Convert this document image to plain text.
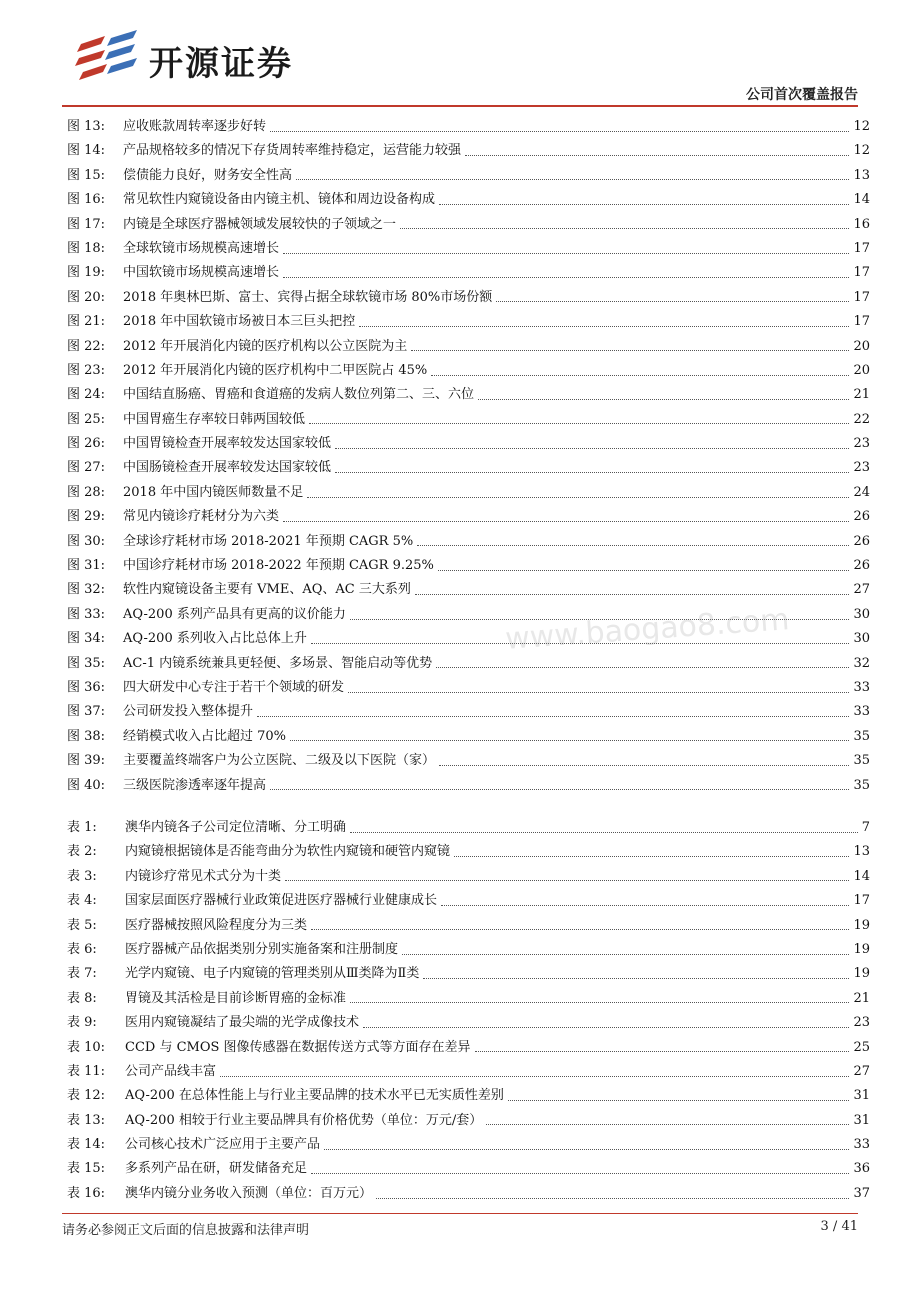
开源证券
公司首次覆盖报告
图 13:	应收账款周转率逐步好转	12
图 14:	产品规格较多的情况下存货周转率维持稳定，运营能力较强	12
图 15:	偿债能力良好，财务安全性高	13
图 16:	常见软性内窥镜设备由内镜主机、镜体和周边设备构成	14
图 17:	内镜是全球医疗器械领域发展较快的子领域之一	16
图 18:	全球软镜市场规模高速增长	17
图 19:	中国软镜市场规模高速增长	17
图 20:	2018 年奥林巴斯、富士、宾得占据全球软镜市场 80%市场份额	17
图 21:	2018 年中国软镜市场被日本三巨头把控	17
图 22:	2012 年开展消化内镜的医疗机构以公立医院为主	20
图 23:	2012 年开展消化内镜的医疗机构中二甲医院占 45%	20
图 24:	中国结直肠癌、胃癌和食道癌的发病人数位列第二、三、六位	21
图 25:	中国胃癌生存率较日韩两国较低	22
图 26:	中国胃镜检查开展率较发达国家较低	23
图 27:	中国肠镜检查开展率较发达国家较低	23
图 28:	2018 年中国内镜医师数量不足	24
图 29:	常见内镜诊疗耗材分为六类	26
图 30:	全球诊疗耗材市场 2018-2021 年预期 CAGR 5%	26
图 31:	中国诊疗耗材市场 2018-2022 年预期 CAGR 9.25%	26
图 32:	软性内窥镜设备主要有 VME、AQ、AC 三大系列	27
图 33:	AQ-200 系列产品具有更高的议价能力	30
图 34:	AQ-200 系列收入占比总体上升	30
图 35:	AC-1 内镜系统兼具更轻便、多场景、智能启动等优势	32
图 36:	四大研发中心专注于若干个领域的研发	33
图 37:	公司研发投入整体提升	33
图 38:	经销模式收入占比超过 70%	35
图 39:	主要覆盖终端客户为公立医院、二级及以下医院（家）	35
图 40:	三级医院渗透率逐年提高	35
表 1:	澳华内镜各子公司定位清晰、分工明确	7
表 2:	内窥镜根据镜体是否能弯曲分为软性内窥镜和硬管内窥镜	13
表 3:	内镜诊疗常见术式分为十类	14
表 4:	国家层面医疗器械行业政策促进医疗器械行业健康成长	17
表 5:	医疗器械按照风险程度分为三类	19
表 6:	医疗器械产品依据类别分别实施备案和注册制度	19
表 7:	光学内窥镜、电子内窥镜的管理类别从Ⅲ类降为Ⅱ类	19
表 8:	胃镜及其活检是目前诊断胃癌的金标准	21
表 9:	医用内窥镜凝结了最尖端的光学成像技术	23
表 10:	CCD 与 CMOS 图像传感器在数据传送方式等方面存在差异	25
表 11:	公司产品线丰富	27
表 12:	AQ-200 在总体性能上与行业主要品牌的技术水平已无实质性差别	31
表 13:	AQ-200 相较于行业主要品牌具有价格优势（单位：万元/套）	31
表 14:	公司核心技术广泛应用于主要产品	33
表 15:	多系列产品在研，研发储备充足	36
表 16:	澳华内镜分业务收入预测（单位：百万元）	37
www.baogao8.com
请务必参阅正文后面的信息披露和法律声明	3 / 41
